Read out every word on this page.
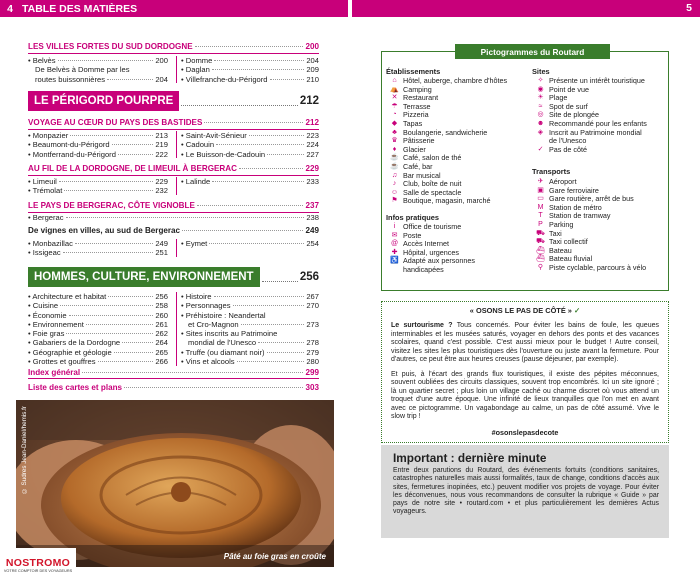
4 TABLE DES MATIÈRES	5
LES VILLES FORTES DU SUD DORDOGNE	200
• Belvès	200
De Belvès à Domme par les
routes buissonnières	204
• Domme	204
• Daglan	209
• Villefranche-du-Périgord	210
LE PÉRIGORD POURPRE	212
VOYAGE AU CŒUR DU PAYS DES BASTIDES	212
• Monpazier	213
• Beaumont-du-Périgord	219
• Montferrand-du-Périgord	222
• Saint-Avit-Sénieur	223
• Cadouin	224
• Le Buisson-de-Cadouin	227
AU FIL DE LA DORDOGNE, DE LIMEUIL À BERGERAC	229
• Limeuil	229
• Trémolat	232
• Lalinde	233
LE PAYS DE BERGERAC, CÔTE VIGNOBLE	237
• Bergerac	238
De vignes en villes, au sud de Bergerac	249
• Monbazillac	249
• Issigeac	251
• Eymet	254
HOMMES, CULTURE, ENVIRONNEMENT	256
• Architecture et habitat	256
• Cuisine	258
• Économie	260
• Environnement	261
• Foie gras	262
• Gabariers de la Dordogne	264
• Géographie et géologie	265
• Grottes et gouffres	266
• Histoire	267
• Personnages	270
• Préhistoire : Neandertal
et Cro-Magnon	273
• Sites inscrits au Patrimoine
mondial de l'Unesco	278
• Truffe (ou diamant noir)	279
• Vins et alcools	280
Index général	299
Liste des cartes et plans	303
© Sudres Jean-Daniel/hemis.fr
Pâté au foie gras en croûte
NOSTROMO
VOTRE COMPTOIR DES VOYAGEURS
Pictogrammes du Routard
Établissements
⌂ Hôtel, auberge, chambre d'hôtes
⛺ Camping
✕ Restaurant
☂ Terrasse
◔ Pizzeria
◆ Tapas
♣ Boulangerie, sandwicherie
♛ Pâtisserie
♦ Glacier
☕ Café, salon de thé
☕ Café, bar
♫ Bar musical
♪ Club, boîte de nuit
☺ Salle de spectacle
⚑ Boutique, magasin, marché
Infos pratiques
i	Office de tourisme
✉ Poste
@ Accès Internet
✚ Hôpital, urgences
♿ Adapté aux personnes
handicapées
Sites
✧ Présente un intérêt touristique
◉ Point de vue
☀ Plage
≈ Spot de surf
◎ Site de plongée
☻ Recommandé pour les enfants
◈ Inscrit au Patrimoine mondial
de l'Unesco
✓ Pas de côté
Transports
✈ Aéroport
▣ Gare ferroviaire
▭ Gare routière, arrêt de bus
M Station de métro
T Station de tramway
P Parking
⛟ Taxi
⛟ Taxi collectif
⛴ Bateau
⛴ Bateau fluvial
⚲ Piste cyclable, parcours à vélo
« OSONS LE PAS DE CÔTÉ » ✓

Le surtourisme ? Tous concernés. Pour éviter les bains de foule, les queues interminables et les musées saturés, voyager en dehors des ponts et des vacances scolaires, quand c'est possible. C'est aussi mieux pour le budget ! Autre conseil, visitez les sites les plus touristiques dès l'ouverture ou juste avant la fermeture. Pour d'autres, ce peut être aux heures creuses (pause déjeuner, par exemple).

Et puis, à l'écart des grands flux touristiques, il existe des pépites méconnues, souvent oubliées des circuits classiques, souvent trop encombrés. Ici un site ignoré ; là un quartier secret ; plus loin un village caché ou charme discret où vous attend un troquet d'une autre époque. Une infinité de lieux tranquilles que l'on met en avant avec ce pictogramme. Un vagabondage au calme, un pas de côté assumé. Vive le slow trip !

#osonslepasdecote
Important : dernière minute

Entre deux parutions du Routard, des événements fortuits (conditions sanitaires, catastrophes naturelles mais aussi formalités, taux de change, conditions d'accès aux sites, fermetures inopinées, etc.) peuvent modifier vos projets de voyage. Pour éviter les déconvenues, nous vous recommandons de consulter la rubrique « Guide » par pays de notre site • routard.com • et plus particulièrement les dernières Actus voyageurs.
